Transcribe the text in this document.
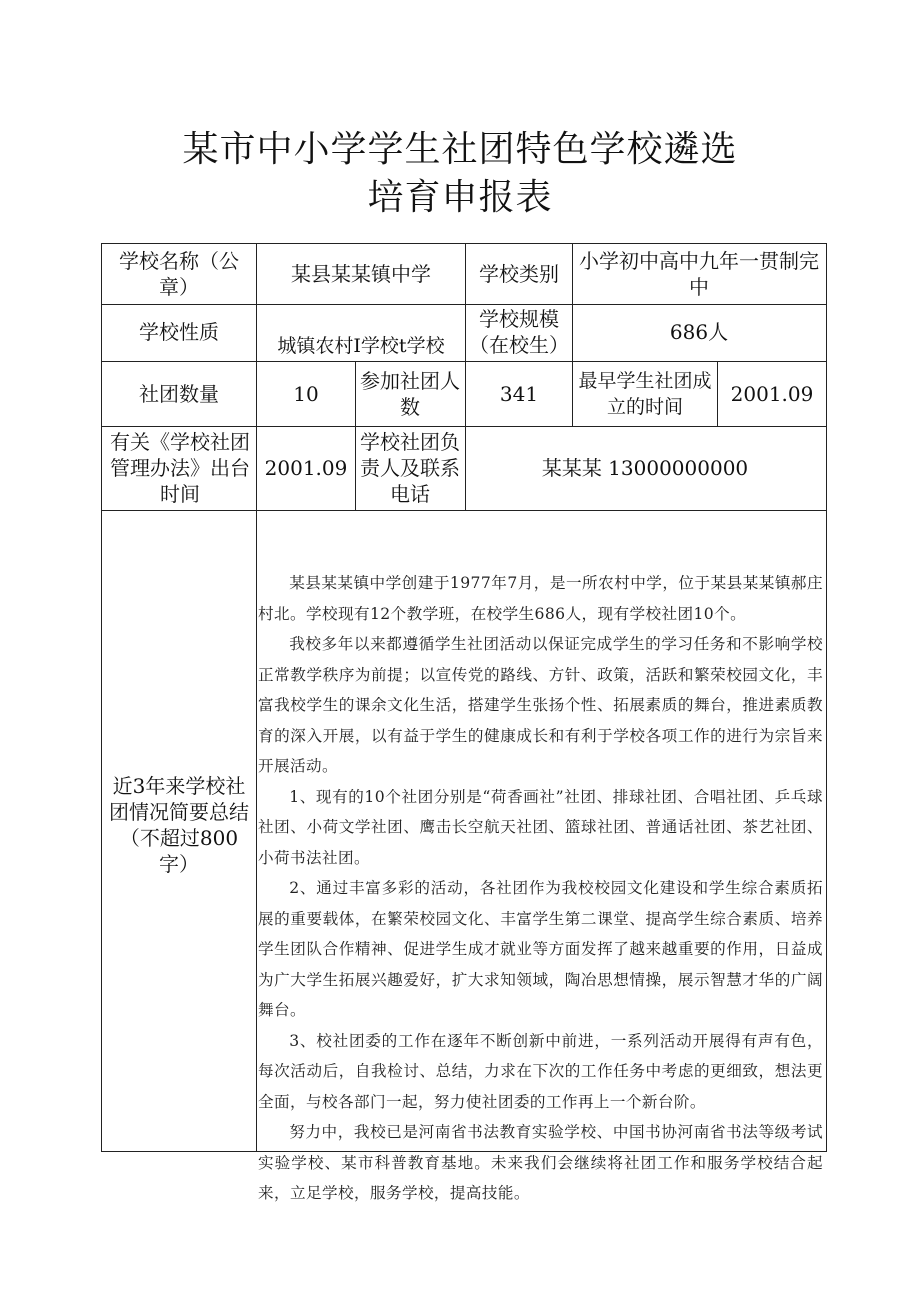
某市中小学学生社团特色学校遴选
培育申报表
学校名称（公章）
某县某某镇中学 学校类别
小学初中高中九年一贯制完中
学校性质
城镇农村I学校t学校
学校规模（在校生）
686人
社团数量	10
参加社团人数
341
最早学生社团成立的时间
2001.09
有关《学校社团管理办法》出台时间
2001.09
学校社团负责人及联系电话
某某某 13000000000
近3年来学校社团情况简要总结（不超过800字）

某县某某镇中学创建于1977年7月，是一所农村中学，位于某县某某镇郝庄村北。学校现有12个教学班，在校学生686人，现有学校社团10个。

我校多年以来都遵循学生社团活动以保证完成学生的学习任务和不影响学校正常教学秩序为前提；以宣传党的路线、方针、政策，活跃和繁荣校园文化，丰富我校学生的课余文化生活，搭建学生张扬个性、拓展素质的舞台，推进素质教育的深入开展，以有益于学生的健康成长和有利于学校各项工作的进行为宗旨来开展活动。

1、现有的10个社团分别是“荷香画社”社团、排球社团、合唱社团、乒乓球社团、小荷文学社团、鹰击长空航天社团、篮球社团、普通话社团、茶艺社团、小荷书法社团。

2、通过丰富多彩的活动，各社团作为我校校园文化建设和学生综合素质拓展的重要载体，在繁荣校园文化、丰富学生第二课堂、提高学生综合素质、培养学生团队合作精神、促进学生成才就业等方面发挥了越来越重要的作用，日益成为广大学生拓展兴趣爱好，扩大求知领域，陶冶思想情操，展示智慧才华的广阔舞台。

3、校社团委的工作在逐年不断创新中前进，一系列活动开展得有声有色，每次活动后，自我检讨、总结，力求在下次的工作任务中考虑的更细致，想法更全面，与校各部门一起，努力使社团委的工作再上一个新台阶。

努力中，我校已是河南省书法教育实验学校、中国书协河南省书法等级考试实验学校、某市科普教育基地。未来我们会继续将社团工作和服务学校结合起来，立足学校，服务学校，提高技能。
